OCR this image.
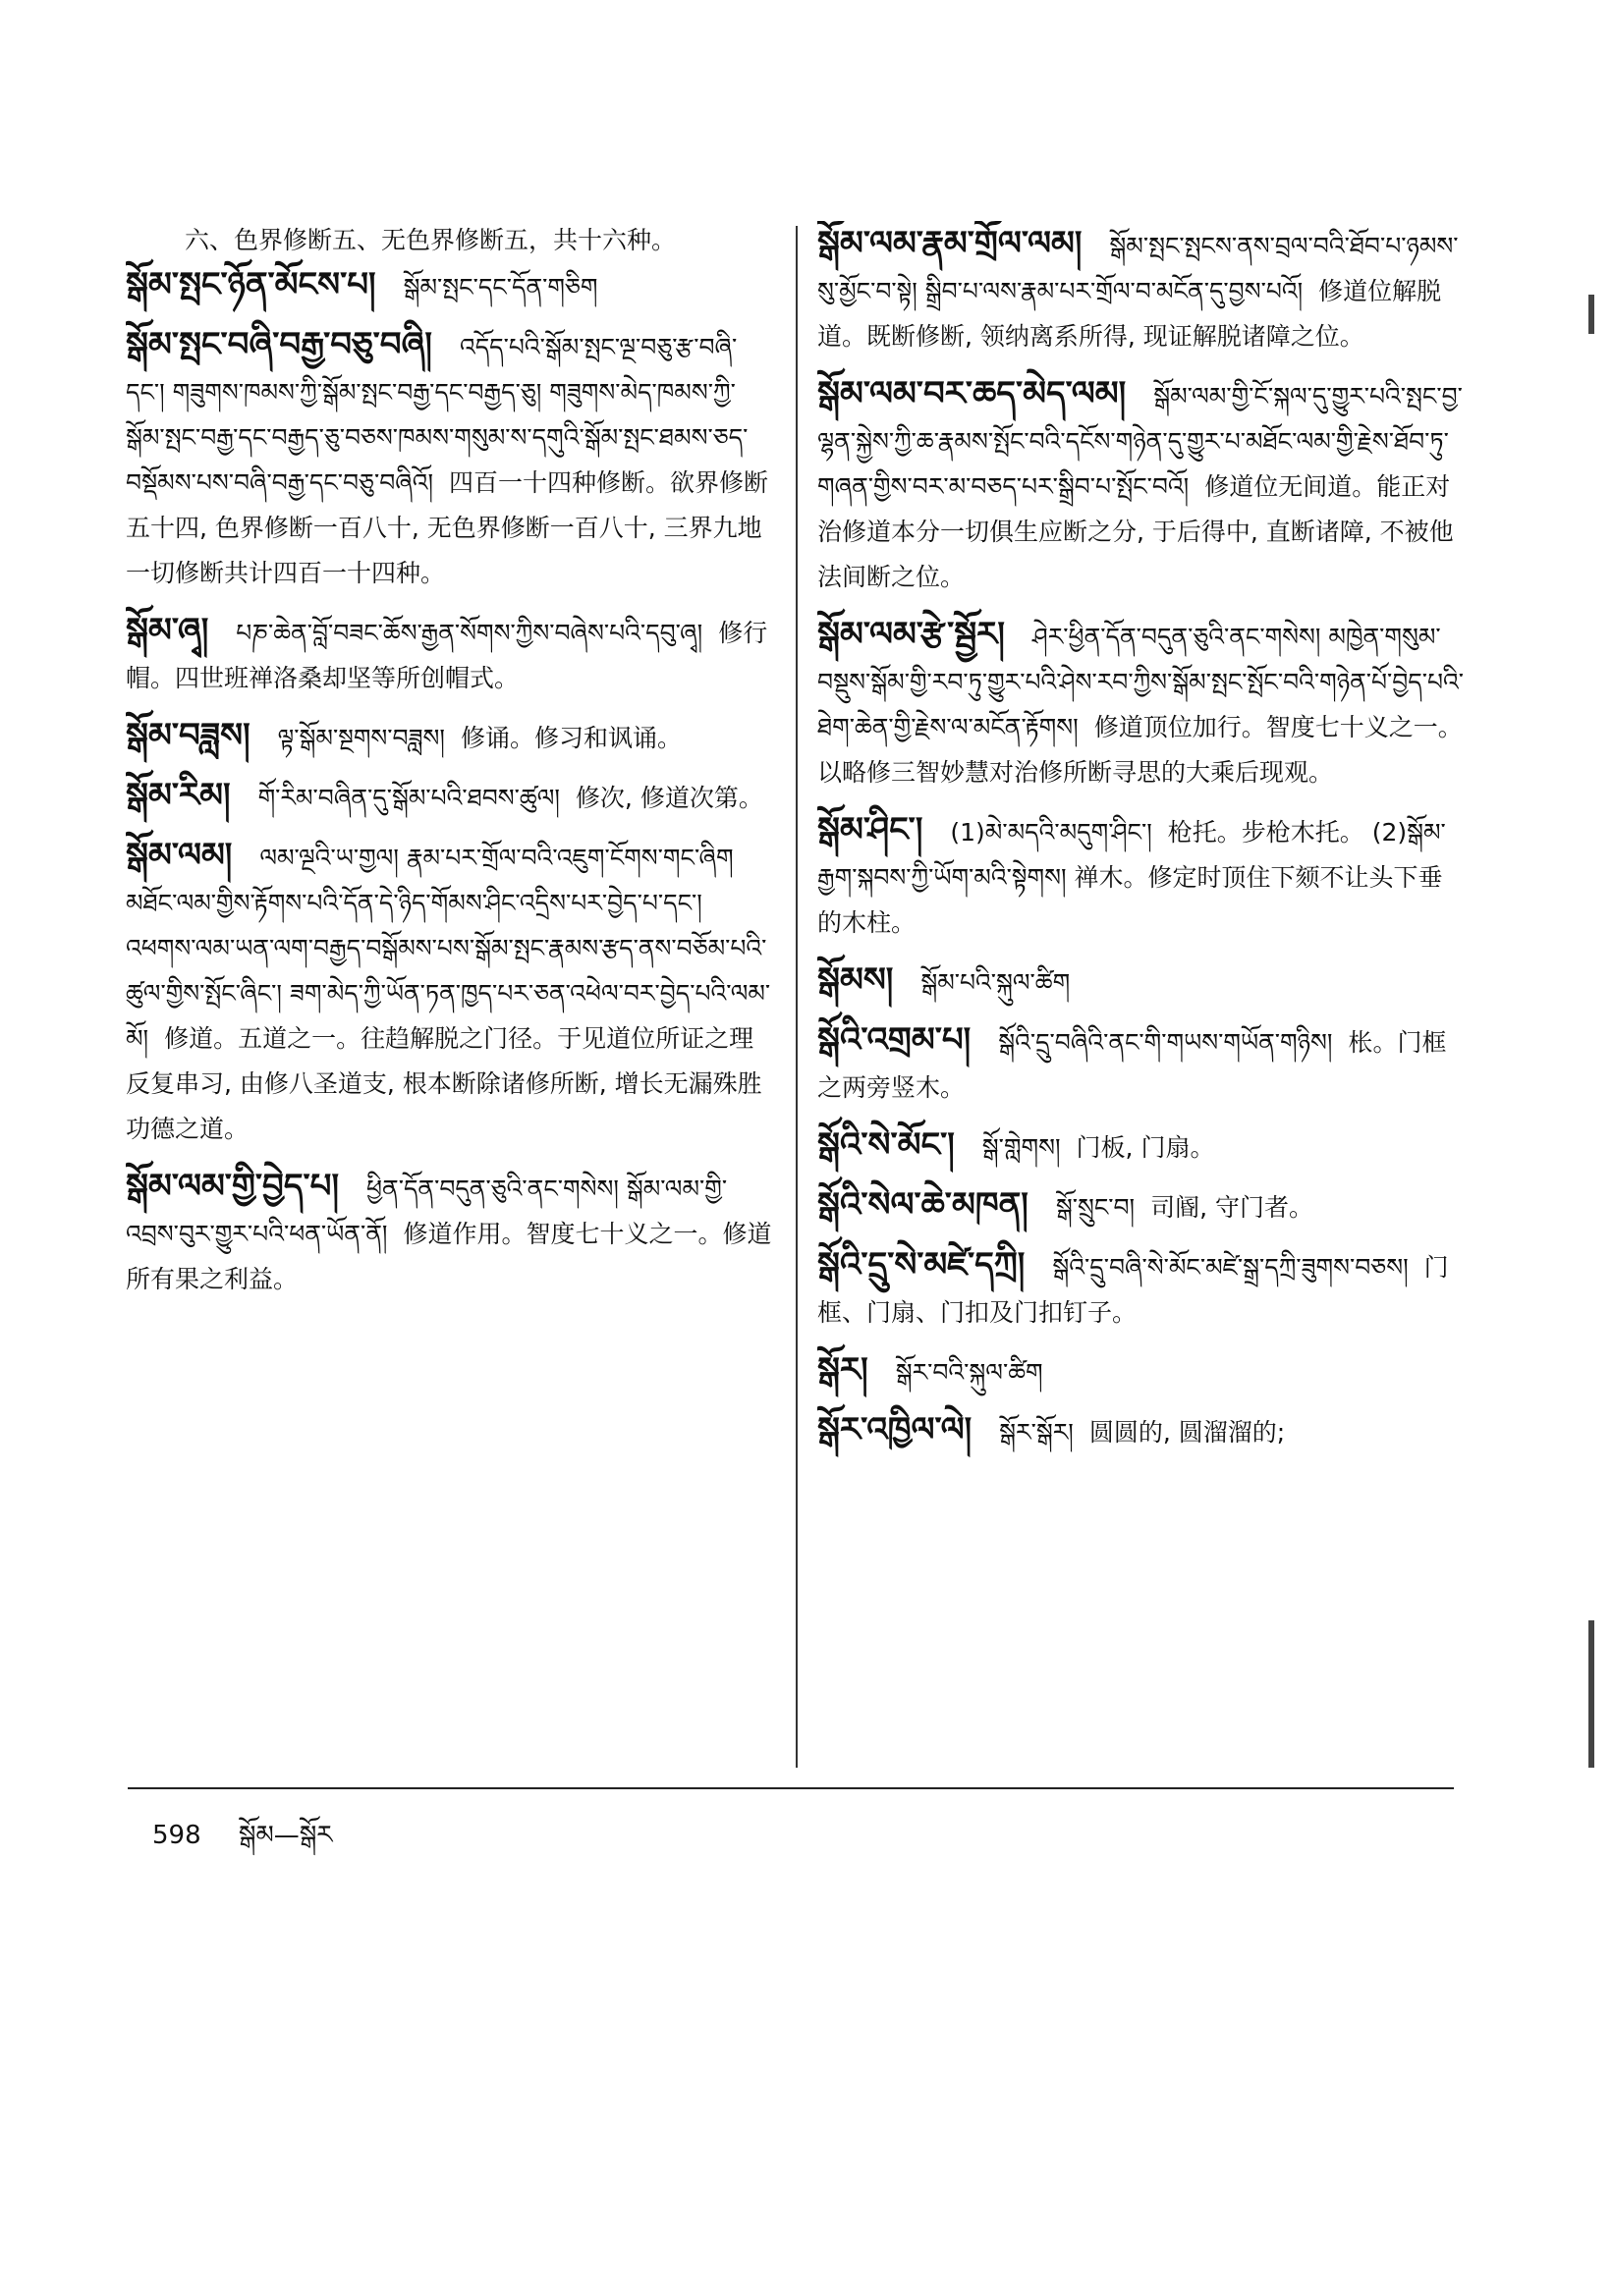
六、色界修断五、无色界修断五，共十六种。
སྒོམ་སྤང་ཉོན་མོངས་པ། སྒོམ་སྤང་དང་དོན་གཅིག
སྒོམ་སྤང་བཞི་བརྒྱ་བཅུ་བཞི། འདོད་པའི་སྒོམ་སྤང་ལྔ་བཅུ་རྩ་བཞི་དང་། གཟུགས་ཁམས་ཀྱི་སྒོམ་སྤང་བརྒྱ་དང་བརྒྱད་ཅུ། གཟུགས་མེད་ཁམས་ཀྱི་སྒོམ་སྤང་བརྒྱ་དང་བརྒྱད་ཅུ་བཅས་ཁམས་གསུམ་ས་དགུའི་སྒོམ་སྤང་ཐམས་ཅད་བསྡོམས་པས་བཞི་བརྒྱ་དང་བཅུ་བཞིའོ། 四百一十四种修断。欲界修断五十四, 色界修断一百八十, 无色界修断一百八十, 三界九地一切修断共计四百一十四种。
སྒོམ་ཞྭ། པཎ་ཆེན་བློ་བཟང་ཆོས་རྒྱན་སོགས་ཀྱིས་བཞེས་པའི་དབུ་ཞྭ། 修行帽。四世班禅洛桑却坚等所创帽式。
སྒོམ་བཟླས། ལྟ་སྒོམ་སྔགས་བཟླས། 修诵。修习和讽诵。
སྒོམ་རིམ། གོ་རིམ་བཞིན་དུ་སྒོམ་པའི་ཐབས་ཚུལ། 修次, 修道次第。
སྒོམ་ལམ། ལམ་ལྔའི་ཡ་གྱལ། རྣམ་པར་གྲོལ་བའི་འཇུག་ངོགས་གང་ཞིག མཐོང་ལམ་གྱིས་རྟོགས་པའི་དོན་དེ་ཉིད་གོམས་ཤིང་འདྲིས་པར་བྱེད་པ་དང་། འཕགས་ལམ་ཡན་ལག་བརྒྱད་བསྒོམས་པས་སྒོམ་སྤང་རྣམས་རྩད་ནས་བཅོམ་པའི་ཚུལ་གྱིས་སྤོང་ཞིང་། ཟག་མེད་ཀྱི་ཡོན་ཏན་ཁྱད་པར་ཅན་འཕེལ་བར་བྱེད་པའི་ལམ་མོ། 修道。五道之一。往趋解脱之门径。于见道位所证之理反复串习, 由修八圣道支, 根本断除诸修所断, 增长无漏殊胜功德之道。
སྒོམ་ལམ་གྱི་བྱེད་པ། ཕྱིན་དོན་བདུན་ཅུའི་ནང་གསེས། སྒོམ་ལམ་གྱི་འབྲས་བུར་གྱུར་པའི་ཕན་ཡོན་ནོ། 修道作用。智度七十义之一。修道所有果之利益。
སྒོམ་ལམ་རྣམ་གྲོལ་ལམ། སྒོམ་སྤང་སྤངས་ནས་བྲལ་བའི་ཐོབ་པ་ཉམས་སུ་མྱོང་བ་སྟེ། སྒྲིབ་པ་ལས་རྣམ་པར་གྲོལ་བ་མངོན་དུ་བྱས་པའོ། 修道位解脱道。既断修断, 领纳离系所得, 现证解脱诸障之位。
སྒོམ་ལམ་བར་ཆད་མེད་ལམ། སྒོམ་ལམ་གྱི་ངོ་སྐལ་དུ་གྱུར་པའི་སྤང་བྱ་ལྷན་སྐྱེས་ཀྱི་ཆ་རྣམས་སྤོང་བའི་དངོས་གཉེན་དུ་གྱུར་པ་མཐོང་ལམ་གྱི་རྗེས་ཐོབ་ཏུ་གཞན་གྱིས་བར་མ་བཅད་པར་སྒྲིབ་པ་སྤོང་བའོ། 修道位无间道。能正对治修道本分一切俱生应断之分, 于后得中, 直断诸障, 不被他法间断之位。
སྒོམ་ལམ་རྩེ་སྦྱོར། ཤེར་ཕྱིན་དོན་བདུན་ཅུའི་ནང་གསེས། མཁྱེན་གསུམ་བསྡུས་སྒོམ་གྱི་རབ་ཏུ་གྱུར་པའི་ཤེས་རབ་ཀྱིས་སྒོམ་སྤང་སྤོང་བའི་གཉེན་པོ་བྱེད་པའི་ཐེག་ཆེན་གྱི་རྗེས་ལ་མངོན་རྟོགས། 修道顶位加行。智度七十义之一。以略修三智妙慧对治修所断寻思的大乘后现观。
སྒོམ་ཤིང་། (1)མེ་མདའི་མདུག་ཤིང་། 枪托。步枪木托。 (2)སྒོམ་རྒྱག་སྐབས་ཀྱི་ཡོག་མའི་སྟེགས། 禅木。修定时顶住下颏不让头下垂的木柱。
སྒོམས། སྒོམ་པའི་སྐུལ་ཚིག
སྒོའི་འགྲམ་པ། སྒོའི་དྲུ་བཞིའི་ནང་གི་གཡས་གཡོན་གཉིས། 枨。门框之两旁竖木。
སྒོའི་སེ་མོང་། སྒོ་གླེགས། 门板, 门扇。
སྒོའི་སེལ་ཆེ་མཁན། སྒོ་སྲུང་བ། 司阍, 守门者。
སྒོའི་དྲུ་སེ་མཛེ་དཀྲི། སྒོའི་དྲུ་བཞི་སེ་མོང་མཛེ་སྒྲ་དཀྲི་ཟུགས་བཅས། 门框、门扇、门扣及门扣钉子。
སྒོར། སྒོར་བའི་སྐུལ་ཚིག
སྒོར་འཁྱིལ་ལེ། སྒོར་སྒོར། 圆圆的, 圆溜溜的;
598 སྒོམ—སྒོར
